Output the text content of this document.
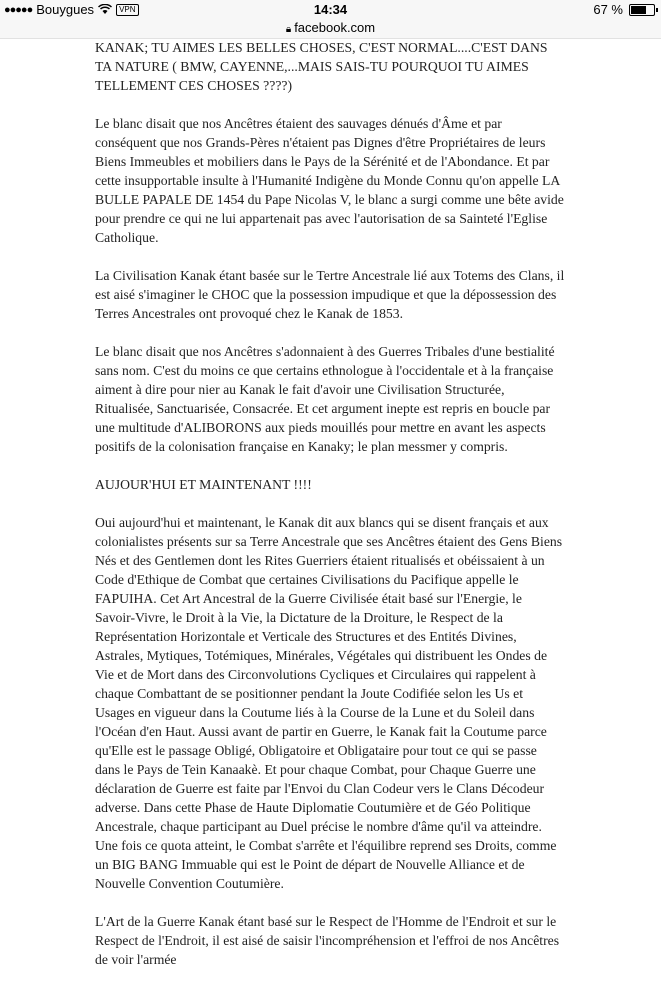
●●●●● Bouygues	VPN	14:34	67 %
🔒︎ facebook.com

KANAK; TU AIMES LES BELLES CHOSES, C'EST NORMAL....C'EST DANS TA NATURE ( BMW, CAYENNE,...MAIS SAIS-TU POURQUOI TU AIMES TELLEMENT CES CHOSES ????)

Le blanc disait que nos Ancêtres étaient des sauvages dénués d'Âme et par conséquent que nos Grands-Pères n'étaient pas Dignes d'être Propriétaires de leurs Biens Immeubles et mobiliers dans le Pays de la Sérénité et de l'Abondance. Et par cette insupportable insulte à l'Humanité Indigène du Monde Connu qu'on appelle LA BULLE PAPALE DE 1454 du Pape Nicolas V, le blanc a surgi comme une bête avide pour prendre ce qui ne lui appartenait pas avec l'autorisation de sa Sainteté l'Eglise Catholique.

La Civilisation Kanak étant basée sur le Tertre Ancestrale lié aux Totems des Clans, il est aisé s'imaginer le CHOC que la possession impudique et que la dépossession des Terres Ancestrales ont provoqué chez le Kanak de 1853.

Le blanc disait que nos Ancêtres s'adonnaient à des Guerres Tribales d'une bestialité sans nom. C'est du moins ce que certains ethnologue à l'occidentale et à la française aiment à dire pour nier au Kanak le fait d'avoir une Civilisation Structurée, Ritualisée, Sanctuarisée, Consacrée. Et cet argument inepte est repris en boucle par une multitude d'ALIBORONS aux pieds mouillés pour mettre en avant les aspects positifs de la colonisation française en Kanaky; le plan messmer y compris.

AUJOUR'HUI ET MAINTENANT !!!!

Oui aujourd'hui et maintenant, le Kanak dit aux blancs qui se disent français et aux colonialistes présents sur sa Terre Ancestrale que ses Ancêtres étaient des Gens Biens Nés et des Gentlemen dont les Rites Guerriers étaient ritualisés et obéissaient à un Code d'Ethique de Combat que certaines Civilisations du Pacifique appelle le FAPUIHA. Cet Art Ancestral de la Guerre Civilisée était basé sur l'Energie, le Savoir-Vivre, le Droit à la Vie, la Dictature de la Droiture, le Respect de la Représentation Horizontale et Verticale des Structures et des Entités Divines, Astrales, Mytiques, Totémiques, Minérales, Végétales qui distribuent les Ondes de Vie et de Mort dans des Circonvolutions Cycliques et Circulaires qui rappelent à chaque Combattant de se positionner pendant la Joute Codifiée selon les Us et Usages en vigueur dans la Coutume liés à la Course de la Lune et du Soleil dans l'Océan d'en Haut. Aussi avant de partir en Guerre, le Kanak fait la Coutume parce qu'Elle est le passage Obligé, Obligatoire et Obligataire pour tout ce qui se passe dans le Pays de Tein Kanaakè. Et pour chaque Combat, pour Chaque Guerre une déclaration de Guerre est faite par l'Envoi du Clan Codeur vers le Clans Décodeur adverse. Dans cette Phase de Haute Diplomatie Coutumière et de Géo Politique Ancestrale, chaque participant au Duel précise le nombre d'âme qu'il va atteindre. Une fois ce quota atteint, le Combat s'arrête et l'équilibre reprend ses Droits, comme un BIG BANG Immuable qui est le Point de départ de Nouvelle Alliance et de Nouvelle Convention Coutumière.

L'Art de la Guerre Kanak étant basé sur le Respect de l'Homme de l'Endroit et sur le Respect de l'Endroit, il est aisé de saisir l'incompréhension et l'effroi de nos Ancêtres de voir l'armée
